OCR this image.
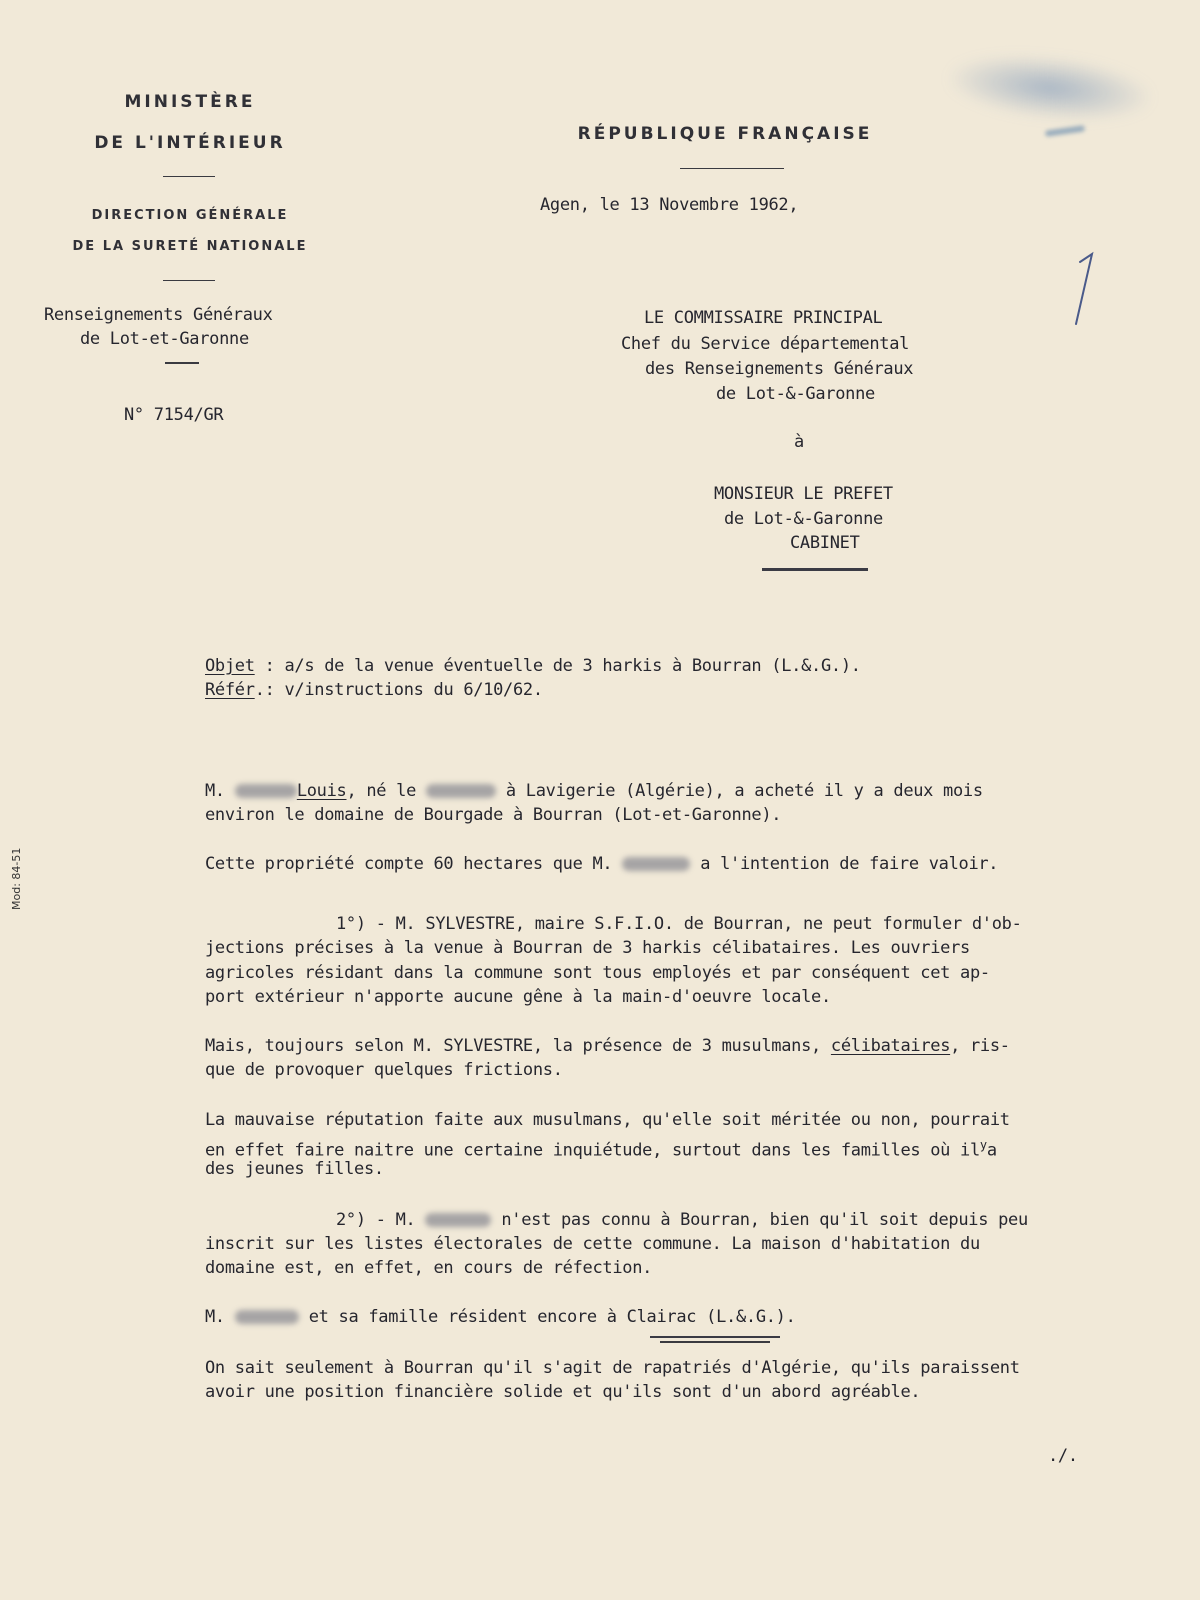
MINISTÈRE
DE L'INTÉRIEUR
DIRECTION GÉNÉRALE
DE LA SURETÉ NATIONALE
Renseignements Généraux
de Lot-et-Garonne
N° 7154/GR
RÉPUBLIQUE FRANÇAISE
Agen, le 13 Novembre 1962,
LE COMMISSAIRE PRINCIPAL
Chef du Service départemental
des Renseignements Généraux
de Lot-&-Garonne
à
MONSIEUR LE PREFET
de Lot-&-Garonne
CABINET
Mod: 84-51
Objet : a/s de la venue éventuelle de 3 harkis à Bourran (L.&.G.).
Référ.: v/instructions du 6/10/62.
M.	Louis, né le	à Lavigerie (Algérie), a acheté il y a deux mois
environ le domaine de Bourgade à Bourran (Lot-et-Garonne).
Cette propriété compte 60 hectares que M.	a l'intention de faire valoir.
1°) - M. SYLVESTRE, maire S.F.I.O. de Bourran, ne peut formuler d'ob-
jections précises à la venue à Bourran de 3 harkis célibataires. Les ouvriers
agricoles résidant dans la commune sont tous employés et par conséquent cet ap-
port extérieur n'apporte aucune gêne à la main-d'oeuvre locale.
Mais, toujours selon M. SYLVESTRE, la présence de 3 musulmans, célibataires, ris-
que de provoquer quelques frictions.
La mauvaise réputation faite aux musulmans, qu'elle soit méritée ou non, pourrait
en effet faire naitre une certaine inquiétude, surtout dans les familles où $il^ya$
des jeunes filles.
2°) - M.	n'est pas connu à Bourran, bien qu'il soit depuis peu
inscrit sur les listes électorales de cette commune. La maison d'habitation du
domaine est, en effet, en cours de réfection.
M.	et sa famille résident encore à Clairac (L.&.G.).
On sait seulement à Bourran qu'il s'agit de rapatriés d'Algérie, qu'ils paraissent
avoir une position financière solide et qu'ils sont d'un abord agréable.
./.
